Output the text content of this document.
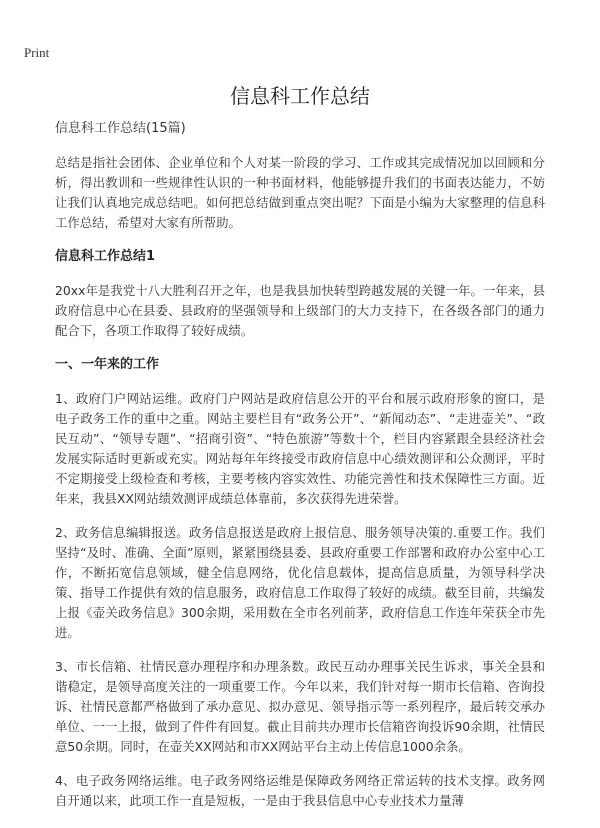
Print
信息科工作总结

信息科工作总结(15篇)

总结是指社会团体、企业单位和个人对某一阶段的学习、工作或其完成情况加以回顾和分析，得出教训和一些规律性认识的一种书面材料，他能够提升我们的书面表达能力，不妨让我们认真地完成总结吧。如何把总结做到重点突出呢？下面是小编为大家整理的信息科工作总结，希望对大家有所帮助。

信息科工作总结1

20xx年是我党十八大胜利召开之年，也是我县加快转型跨越发展的关键一年。一年来，县政府信息中心在县委、县政府的坚强领导和上级部门的大力支持下，在各级各部门的通力配合下，各项工作取得了较好成绩。

一、一年来的工作

1、政府门户网站运维。政府门户网站是政府信息公开的平台和展示政府形象的窗口，是电子政务工作的重中之重。网站主要栏目有“政务公开”、“新闻动态”、“走进壶关”、“政民互动”、“领导专题”、“招商引资”、“特色旅游”等数十个，栏目内容紧跟全县经济社会发展实际适时更新或充实。网站每年年终接受市政府信息中心绩效测评和公众测评，平时不定期接受上级检查和考核，主要考核内容实效性、功能完善性和技术保障性三方面。近年来，我县XX网站绩效测评成绩总体靠前，多次获得先进荣誉。

2、政务信息编辑报送。政务信息报送是政府上报信息、服务领导决策的.重要工作。我们坚持“及时、准确、全面”原则，紧紧围绕县委、县政府重要工作部署和政府办公室中心工作，不断拓宽信息领域，健全信息网络，优化信息载体，提高信息质量，为领导科学决策、指导工作提供有效的信息服务，政府信息工作取得了较好的成绩。截至目前，共编发上报《壶关政务信息》300余期，采用数在全市名列前茅，政府信息工作连年荣获全市先进。

3、市长信箱、社情民意办理程序和办理条数。政民互动办理事关民生诉求，事关全县和谐稳定，是领导高度关注的一项重要工作。今年以来，我们针对每一期市长信箱、咨询投诉、社情民意都严格做到了承办意见、拟办意见、领导指示等一系列程序，最后转交承办单位、一一上报，做到了件件有回复。截止目前共办理市长信箱咨询投诉90余期，社情民意50余期。同时，在壶关XX网站和市XX网站平台主动上传信息1000余条。

4、电子政务网络运维。电子政务网络运维是保障政务网络正常运转的技术支撑。政务网自开通以来，此项工作一直是短板，一是由于我县信息中心专业技术力量薄
